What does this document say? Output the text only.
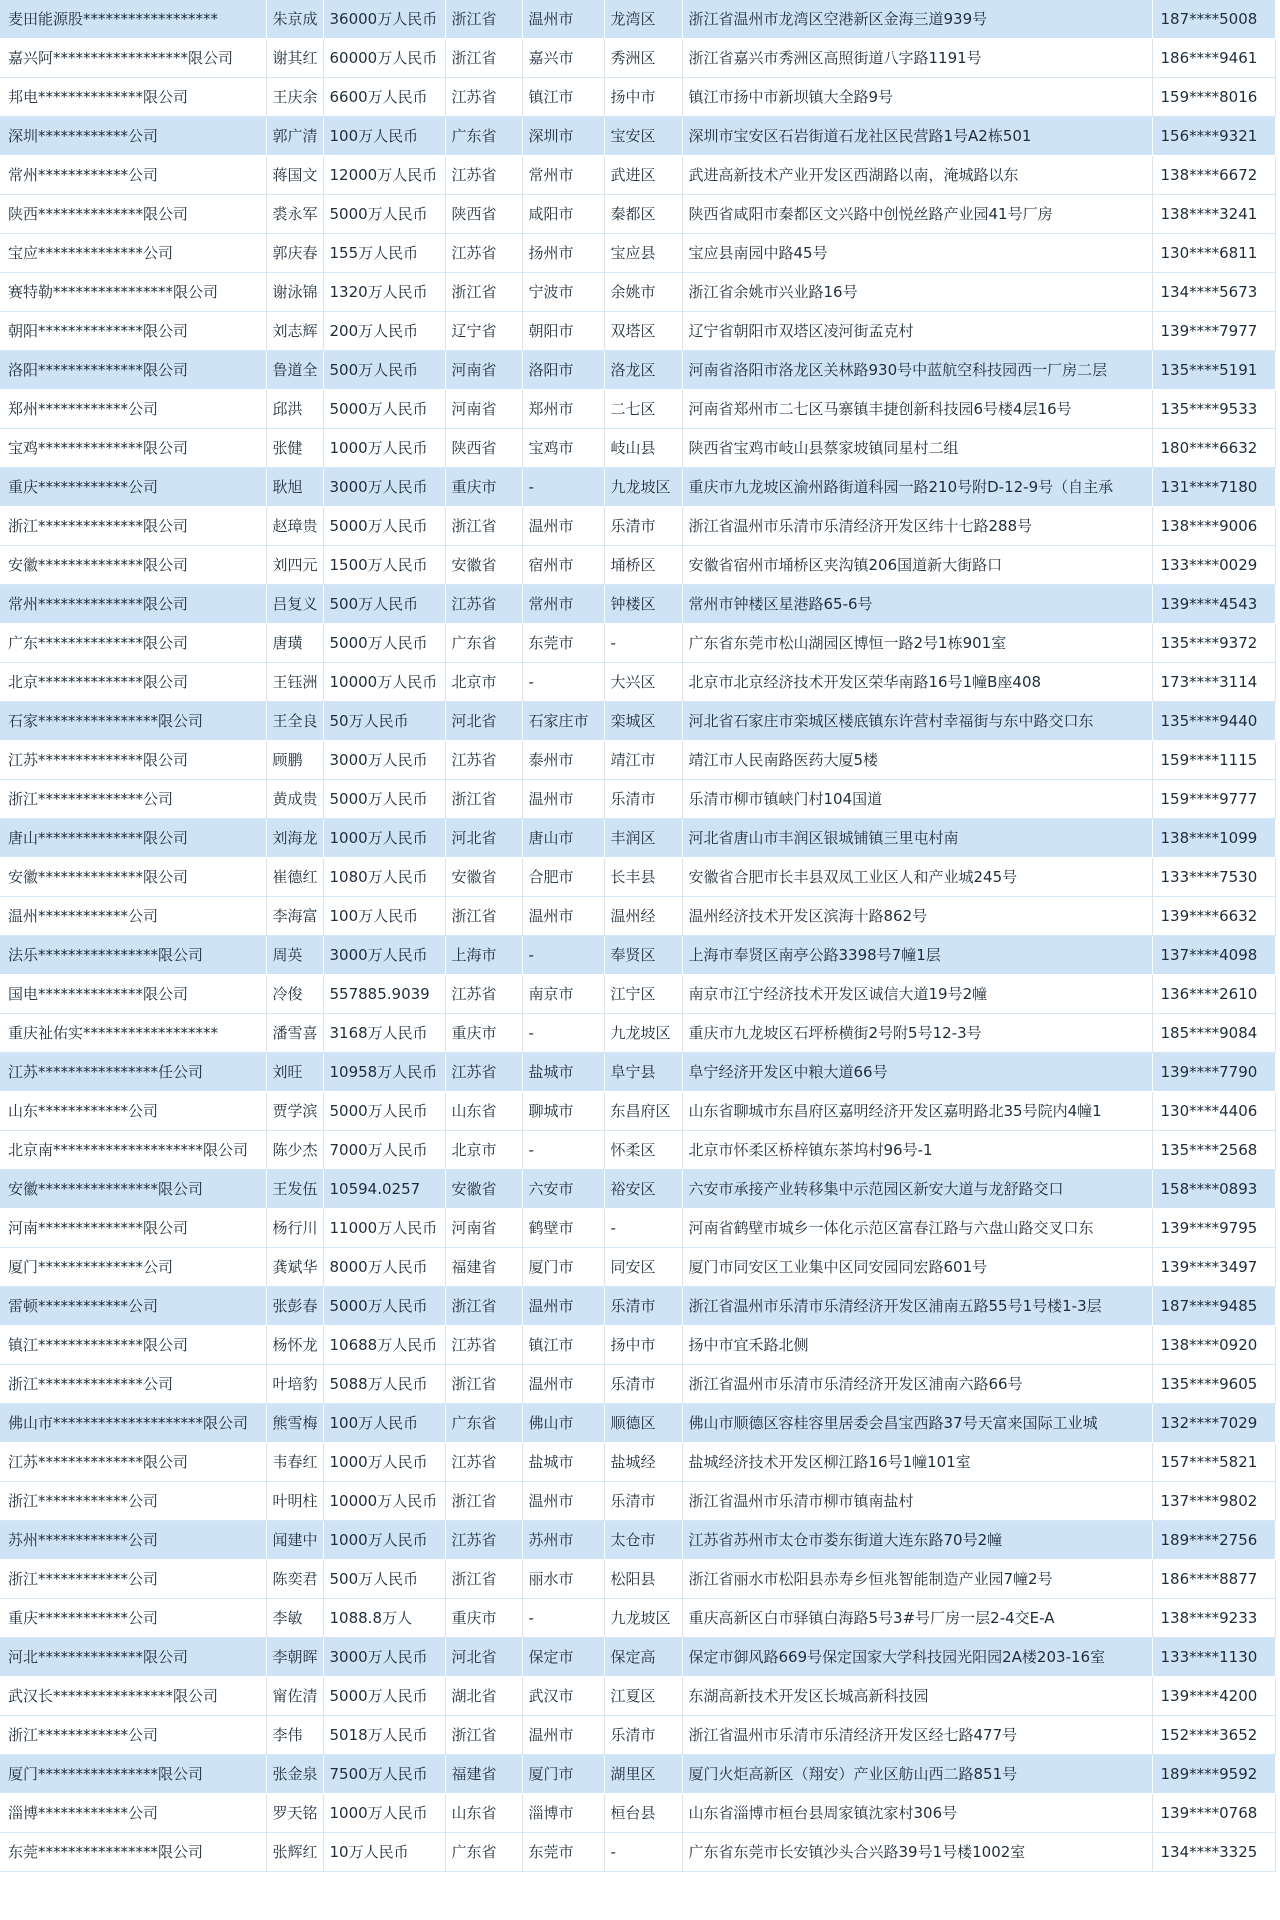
麦田能源股******************	朱京成	36000万人民币	浙江省	温州市	龙湾区	浙江省温州市龙湾区空港新区金海三道939号	187****5008
嘉兴阿******************限公司	谢其红	60000万人民币	浙江省	嘉兴市	秀洲区	浙江省嘉兴市秀洲区高照街道八字路1191号	186****9461
邦电**************限公司	王庆余	6600万人民币	江苏省	镇江市	扬中市	镇江市扬中市新坝镇大全路9号	159****8016
深圳************公司	郭广清	100万人民币	广东省	深圳市	宝安区	深圳市宝安区石岩街道石龙社区民营路1号A2栋501	156****9321
常州************公司	蒋国文	12000万人民币	江苏省	常州市	武进区	武进高新技术产业开发区西湖路以南，淹城路以东	138****6672
陕西**************限公司	裘永军	5000万人民币	陕西省	咸阳市	秦都区	陕西省咸阳市秦都区文兴路中创悦丝路产业园41号厂房	138****3241
宝应**************公司	郭庆春	155万人民币	江苏省	扬州市	宝应县	宝应县南园中路45号	130****6811
赛特勒****************限公司	谢泳锦	1320万人民币	浙江省	宁波市	余姚市	浙江省余姚市兴业路16号	134****5673
朝阳**************限公司	刘志辉	200万人民币	辽宁省	朝阳市	双塔区	辽宁省朝阳市双塔区凌河街孟克村	139****7977
洛阳**************限公司	鲁道全	500万人民币	河南省	洛阳市	洛龙区	河南省洛阳市洛龙区关林路930号中蓝航空科技园西一厂房二层	135****5191
郑州************公司	邱洪	5000万人民币	河南省	郑州市	二七区	河南省郑州市二七区马寨镇丰捷创新科技园6号楼4层16号	135****9533
宝鸡**************限公司	张健	1000万人民币	陕西省	宝鸡市	岐山县	陕西省宝鸡市岐山县蔡家坡镇同星村二组	180****6632
重庆************公司	耿旭	3000万人民币	重庆市	-	九龙坡区	重庆市九龙坡区渝州路街道科园一路210号附D-12-9号（自主承	131****7180
浙江**************限公司	赵璋贵	5000万人民币	浙江省	温州市	乐清市	浙江省温州市乐清市乐清经济开发区纬十七路288号	138****9006
安徽**************限公司	刘四元	1500万人民币	安徽省	宿州市	埇桥区	安徽省宿州市埇桥区夹沟镇206国道新大街路口	133****0029
常州**************限公司	吕复义	500万人民币	江苏省	常州市	钟楼区	常州市钟楼区星港路65-6号	139****4543
广东**************限公司	唐璜	5000万人民币	广东省	东莞市	-	广东省东莞市松山湖园区博恒一路2号1栋901室	135****9372
北京**************限公司	王钰洲	10000万人民币	北京市	-	大兴区	北京市北京经济技术开发区荣华南路16号1幢B座408	173****3114
石家****************限公司	王全良	50万人民币	河北省	石家庄市	栾城区	河北省石家庄市栾城区楼底镇东许营村幸福街与东中路交口东	135****9440
江苏**************限公司	顾鹏	3000万人民币	江苏省	泰州市	靖江市	靖江市人民南路医药大厦5楼	159****1115
浙江**************公司	黄成贵	5000万人民币	浙江省	温州市	乐清市	乐清市柳市镇峡门村104国道	159****9777
唐山**************限公司	刘海龙	1000万人民币	河北省	唐山市	丰润区	河北省唐山市丰润区银城铺镇三里屯村南	138****1099
安徽**************限公司	崔德红	1080万人民币	安徽省	合肥市	长丰县	安徽省合肥市长丰县双凤工业区人和产业城245号	133****7530
温州************公司	李海富	100万人民币	浙江省	温州市	温州经	温州经济技术开发区滨海十路862号	139****6632
法乐****************限公司	周英	3000万人民币	上海市	-	奉贤区	上海市奉贤区南亭公路3398号7幢1层	137****4098
国电**************限公司	冷俊	557885.9039	江苏省	南京市	江宁区	南京市江宁经济技术开发区诚信大道19号2幢	136****2610
重庆祉佑实******************	潘雪喜	3168万人民币	重庆市	-	九龙坡区	重庆市九龙坡区石坪桥横街2号附5号12-3号	185****9084
江苏****************任公司	刘旺	10958万人民币	江苏省	盐城市	阜宁县	阜宁经济开发区中粮大道66号	139****7790
山东************公司	贾学滨	5000万人民币	山东省	聊城市	东昌府区	山东省聊城市东昌府区嘉明经济开发区嘉明路北35号院内4幢1	130****4406
北京南********************限公司	陈少杰	7000万人民币	北京市	-	怀柔区	北京市怀柔区桥梓镇东茶坞村96号-1	135****2568
安徽****************限公司	王发伍	10594.0257	安徽省	六安市	裕安区	六安市承接产业转移集中示范园区新安大道与龙舒路交口	158****0893
河南**************限公司	杨行川	11000万人民币	河南省	鹤壁市	-	河南省鹤壁市城乡一体化示范区富春江路与六盘山路交叉口东	139****9795
厦门**************公司	龚斌华	8000万人民币	福建省	厦门市	同安区	厦门市同安区工业集中区同安园同宏路601号	139****3497
雷顿************公司	张彭春	5000万人民币	浙江省	温州市	乐清市	浙江省温州市乐清市乐清经济开发区浦南五路55号1号楼1-3层	187****9485
镇江**************限公司	杨怀龙	10688万人民币	江苏省	镇江市	扬中市	扬中市宜禾路北侧	138****0920
浙江**************公司	叶培豹	5088万人民币	浙江省	温州市	乐清市	浙江省温州市乐清市乐清经济开发区浦南六路66号	135****9605
佛山市********************限公司	熊雪梅	100万人民币	广东省	佛山市	顺德区	佛山市顺德区容桂容里居委会昌宝西路37号天富来国际工业城	132****7029
江苏**************限公司	韦春红	1000万人民币	江苏省	盐城市	盐城经	盐城经济技术开发区柳江路16号1幢101室	157****5821
浙江************公司	叶明柱	10000万人民币	浙江省	温州市	乐清市	浙江省温州市乐清市柳市镇南盐村	137****9802
苏州************公司	闻建中	1000万人民币	江苏省	苏州市	太仓市	江苏省苏州市太仓市娄东街道大连东路70号2幢	189****2756
浙江************公司	陈奕君	500万人民币	浙江省	丽水市	松阳县	浙江省丽水市松阳县赤寿乡恒兆智能制造产业园7幢2号	186****8877
重庆************公司	李敏	1088.8万人	重庆市	-	九龙坡区	重庆高新区白市驿镇白海路5号3#号厂房一层2-4交E-A	138****9233
河北**************限公司	李朝晖	3000万人民币	河北省	保定市	保定高	保定市御风路669号保定国家大学科技园光阳园2A楼203-16室	133****1130
武汉长****************限公司	甯佐清	5000万人民币	湖北省	武汉市	江夏区	东湖高新技术开发区长城高新科技园	139****4200
浙江************公司	李伟	5018万人民币	浙江省	温州市	乐清市	浙江省温州市乐清市乐清经济开发区经七路477号	152****3652
厦门****************限公司	张金泉	7500万人民币	福建省	厦门市	湖里区	厦门火炬高新区（翔安）产业区舫山西二路851号	189****9592
淄博************公司	罗天铭	1000万人民币	山东省	淄博市	桓台县	山东省淄博市桓台县周家镇沈家村306号	139****0768
东莞****************限公司	张辉红	10万人民币	广东省	东莞市	-	广东省东莞市长安镇沙头合兴路39号1号楼1002室	134****3325
